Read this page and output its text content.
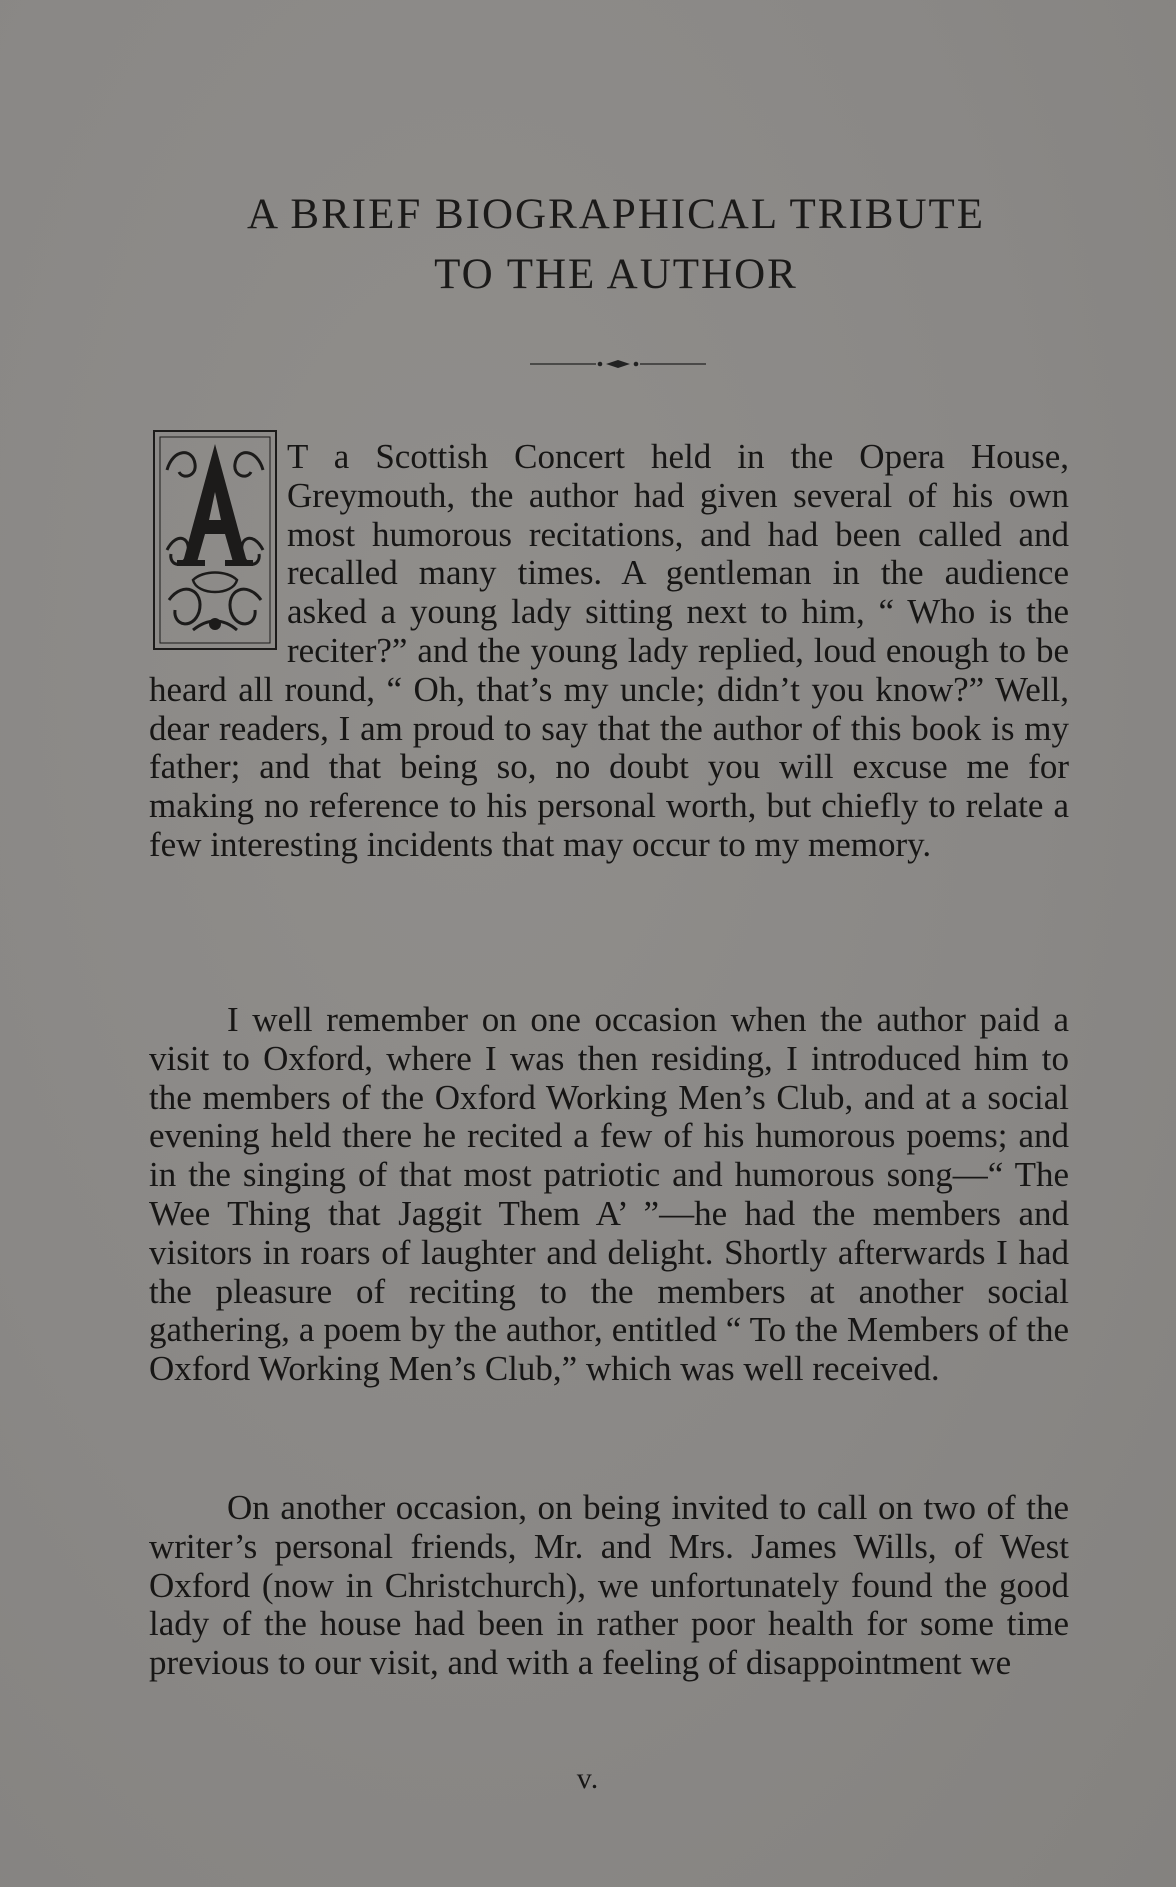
A BRIEF BIOGRAPHICAL TRIBUTE
TO THE AUTHOR
T a Scottish Concert held in the Opera House, Greymouth, the author had given several of his own most humorous recitations, and had been called and recalled many times. A gentleman in the audience asked a young lady sitting next to him, “ Who is the reciter?” and the young lady replied, loud enough to be heard all round, “ Oh, that’s my uncle; didn’t you know?” Well, dear readers, I am proud to say that the author of this book is my father; and that being so, no doubt you will excuse me for making no reference to his personal worth, but chiefly to relate a few interesting incidents that may occur to my memory.
I well remember on one occasion when the author paid a visit to Oxford, where I was then residing, I introduced him to the members of the Oxford Working Men’s Club, and at a social evening held there he recited a few of his humorous poems; and in the singing of that most patriotic and humorous song—“ The Wee Thing that Jaggit Them A’ ”—he had the members and visitors in roars of laughter and delight. Shortly afterwards I had the pleasure of reciting to the members at another social gathering, a poem by the author, entitled “ To the Members of the Oxford Working Men’s Club,” which was well received.
On another occasion, on being invited to call on two of the writer’s personal friends, Mr. and Mrs. James Wills, of West Oxford (now in Christchurch), we unfortunately found the good lady of the house had been in rather poor health for some time previous to our visit, and with a feeling of disappointment we
v.
